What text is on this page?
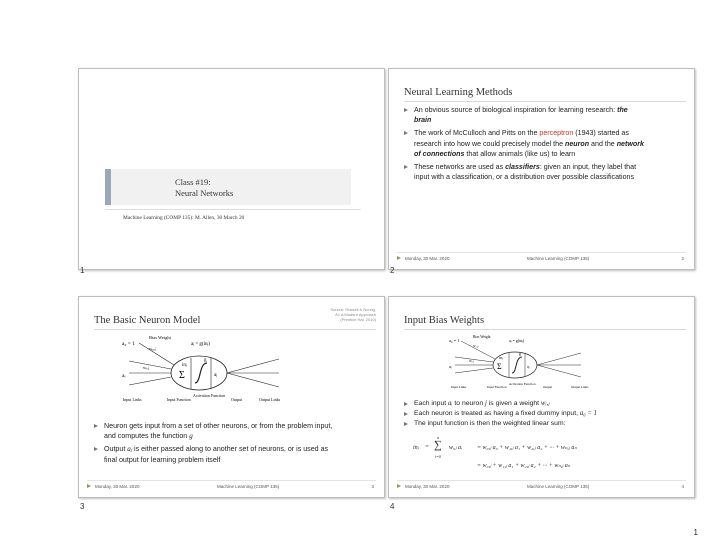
Class #19:
Neural Networks
Machine Learning (COMP 135): M. Allen, 30 March 20
1
Neural Learning Methods
An obvious source of biological inspiration for learning research: the brain
The work of McCulloch and Pitts on the perceptron (1943) started as research into how we could precisely model the neuron and the network of connections that allow animals (like us) to learn
These networks are used as classifiers: given an input, they label that input with a classification, or a distribution over possible classifications
Monday, 30 Mar. 2020	Machine Learning (COMP 135)	2
2
The Basic Neuron Model
Source: Russell & Norvig,
AI: A Modern Approach
(Prentice Hal, 2010)
Σ
Bias Weight
a₀ = 1
w₀,ⱼ
aⱼ = g(inⱼ)
wᵢ,ⱼ
aᵢ
inⱼ
g
aⱼ
Input Links	Input Function
Activation Function
Output	Output Links
Neuron gets input from a set of other neurons, or from the problem input, and computes the function g
Output aⱼ is either passed along to another set of neurons, or is used as final output for learning problem itself
Monday, 30 Mar. 2020	Machine Learning (COMP 135)	3
3
Input Bias Weights
Σ
Bias Weight
a₀ = 1
w₀,ⱼ
aⱼ = g(inⱼ)
wᵢ,ⱼ
aᵢ
inⱼ
g
aⱼ
Input Links	Input Function
Activation Function
Output	Output Links
Each input aᵢ to neuron j is given a weight wᵢ,ⱼ
Each neuron is treated as having a fixed dummy input, a₀ = 1
The input function is then the weighted linear sum:
inⱼ =
n
∑
i=0
wᵢ,ⱼ aᵢ	= w₀,ⱼ a₀ + w₁,ⱼ a₁ + w₂,ⱼ a₂ + ··· + wₙ,ⱼ aₙ
= w₀,ⱼ + w₁,ⱼ a₁ + w₂,ⱼ a₂ + ··· + wₙ,ⱼ aₙ
Monday, 30 Mar. 2020	Machine Learning (COMP 135)	4
4
1
